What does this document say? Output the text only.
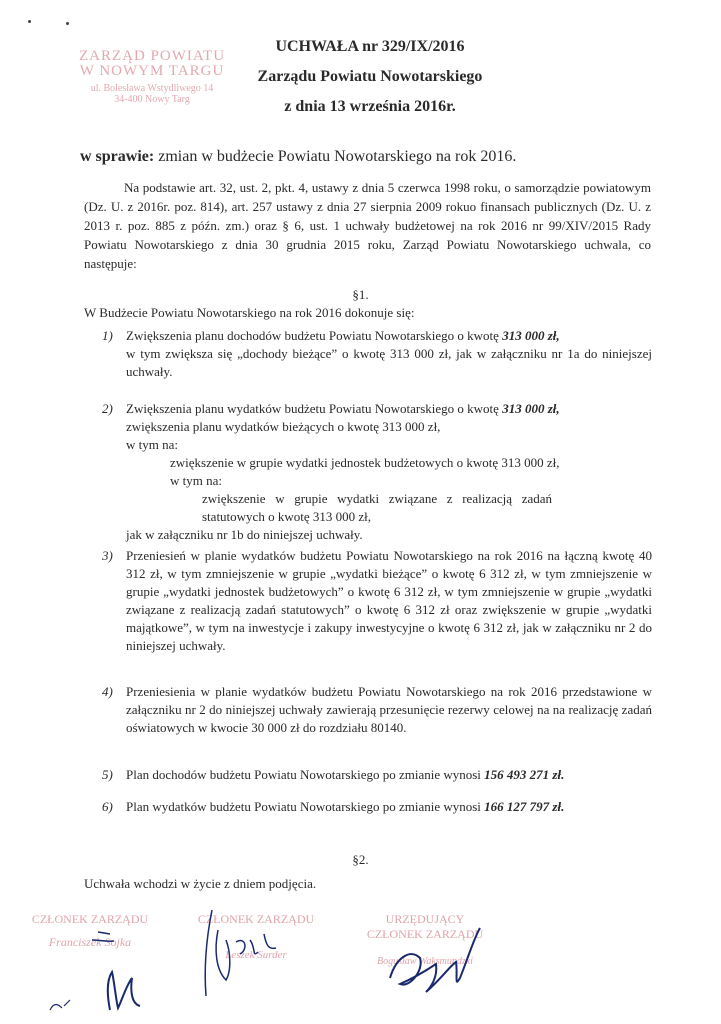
ZARZĄD POWIATU
W NOWYM TARGU
ul. Bolesława Wstydliwego 14
34-400 Nowy Targ
UCHWAŁA nr 329/IX/2016
Zarządu Powiatu Nowotarskiego
z dnia 13 września 2016r.
w sprawie: zmian w budżecie Powiatu Nowotarskiego na rok 2016.
Na podstawie art. 32, ust. 2, pkt. 4, ustawy z dnia 5 czerwca 1998 roku, o samorządzie powiatowym (Dz. U. z 2016r. poz. 814), art. 257 ustawy z dnia 27 sierpnia 2009 rokuo finansach publicznych (Dz. U. z 2013 r. poz. 885 z późn. zm.) oraz § 6, ust. 1 uchwały budżetowej na rok 2016 nr 99/XIV/2015 Rady Powiatu Nowotarskiego z dnia 30 grudnia 2015 roku, Zarząd Powiatu Nowotarskiego uchwala, co następuje:
§1.
W Budżecie Powiatu Nowotarskiego na rok 2016 dokonuje się:
1) Zwiększenia planu dochodów budżetu Powiatu Nowotarskiego o kwotę 313 000 zł,
w tym zwiększa się „dochody bieżące” o kwotę 313 000 zł, jak w załączniku nr 1a do niniejszej uchwały.
2) Zwiększenia planu wydatków budżetu Powiatu Nowotarskiego o kwotę 313 000 zł,
zwiększenia planu wydatków bieżących o kwotę 313 000 zł,
w tym na:
zwiększenie w grupie wydatki jednostek budżetowych o kwotę 313 000 zł,
w tym na:
zwiększenie w grupie wydatki związane z realizacją zadań statutowych o kwotę 313 000 zł,
jak w załączniku nr 1b do niniejszej uchwały.
3) Przeniesień w planie wydatków budżetu Powiatu Nowotarskiego na rok 2016 na łączną kwotę 40 312 zł, w tym zmniejszenie w grupie „wydatki bieżące” o kwotę 6 312 zł, w tym zmniejszenie w grupie „wydatki jednostek budżetowych” o kwotę 6 312 zł, w tym zmniejszenie w grupie „wydatki związane z realizacją zadań statutowych” o kwotę 6 312 zł oraz zwiększenie w grupie „wydatki majątkowe”, w tym na inwestycje i zakupy inwestycyjne o kwotę 6 312 zł, jak w załączniku nr 2 do niniejszej uchwały.
4) Przeniesienia w planie wydatków budżetu Powiatu Nowotarskiego na rok 2016 przedstawione w załączniku nr 2 do niniejszej uchwały zawierają przesunięcie rezerwy celowej na na realizację zadań oświatowych w kwocie 30 000 zł do rozdziału 80140.
5) Plan dochodów budżetu Powiatu Nowotarskiego po zmianie wynosi 156 493 271 zł.
6) Plan wydatków budżetu Powiatu Nowotarskiego po zmianie wynosi 166 127 797 zł.
§2.
Uchwała wchodzi w życie z dniem podjęcia.
CZŁONEK ZARZĄDU
Franciszek Sojka
CZŁONEK ZARZĄDU
Leszek Surder
URZĘDUJĄCY
CZŁONEK ZARZĄDU
Bogusław Waksmundzki
